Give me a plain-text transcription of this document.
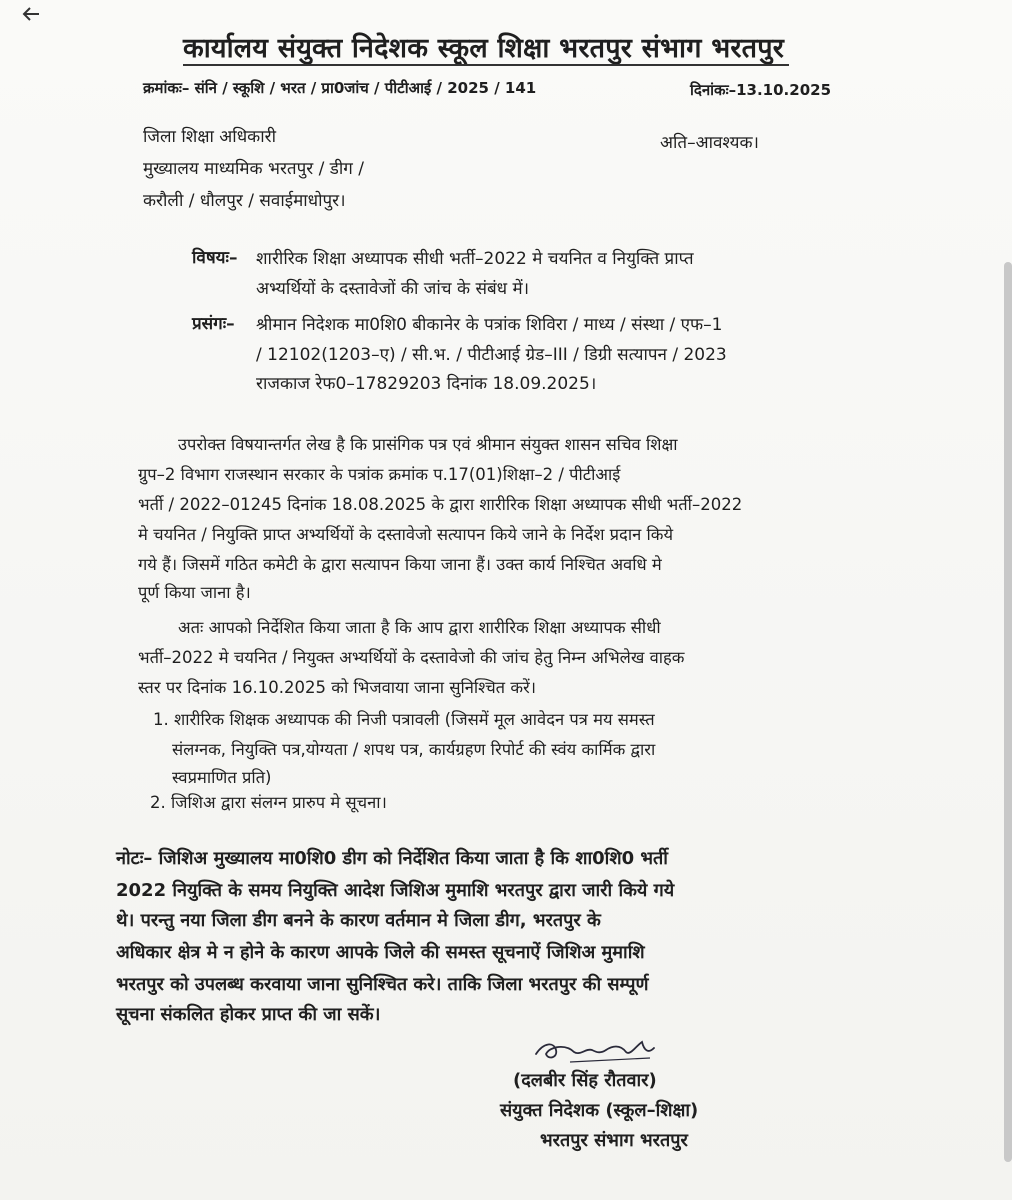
कार्यालय संयुक्त निदेशक स्कूल शिक्षा भरतपुर संभाग भरतपुर
क्रमांकः– संनि / स्कूशि / भरत / प्रा0जांच / पीटीआई / 2025 / 141	दिनांकः–13.10.2025
जिला शिक्षा अधिकारी
मुख्यालय माध्यमिक भरतपुर / डीग /
करौली / धौलपुर / सवाईमाधोपुर।
अति–आवश्यक।
विषयः– शारीरिक शिक्षा अध्यापक सीधी भर्ती–2022 मे चयनित व नियुक्ति प्राप्त
अभ्यर्थियों के दस्तावेजों की जांच के संबंध में।
प्रसंगः– श्रीमान निदेशक मा0शि0 बीकानेर के पत्रांक शिविरा / माध्य / संस्था / एफ–1
/ 12102(1203–ए) / सी.भ. / पीटीआई ग्रेड–III / डिग्री सत्यापन / 2023
राजकाज रेफ0–17829203 दिनांक 18.09.2025।
उपरोक्त विषयान्तर्गत लेख है कि प्रासंगिक पत्र एवं श्रीमान संयुक्त शासन सचिव शिक्षा
ग्रुप–2 विभाग राजस्थान सरकार के पत्रांक क्रमांक प.17(01)शिक्षा–2 / पीटीआई
भर्ती / 2022–01245 दिनांक 18.08.2025 के द्वारा शारीरिक शिक्षा अध्यापक सीधी भर्ती–2022
मे चयनित / नियुक्ति प्राप्त अभ्यर्थियों के दस्तावेजो सत्यापन किये जाने के निर्देश प्रदान किये
गये हैं। जिसमें गठित कमेटी के द्वारा सत्यापन किया जाना हैं। उक्त कार्य निश्चित अवधि मे
पूर्ण किया जाना है।
अतः आपको निर्देशित किया जाता है कि आप द्वारा शारीरिक शिक्षा अध्यापक सीधी
भर्ती–2022 मे चयनित / नियुक्त अभ्यर्थियों के दस्तावेजो की जांच हेतु निम्न अभिलेख वाहक
स्तर पर दिनांक 16.10.2025 को भिजवाया जाना सुनिश्चित करें।
1. शारीरिक शिक्षक अध्यापक की निजी पत्रावली (जिसमें मूल आवेदन पत्र मय समस्त
संलग्नक, नियुक्ति पत्र,योग्यता / शपथ पत्र, कार्यग्रहण रिपोर्ट की स्वंय कार्मिक द्वारा
स्वप्रमाणित प्रति)
2. जिशिअ द्वारा संलग्न प्रारुप मे सूचना।
नोटः– जिशिअ मुख्यालय मा0शि0 डीग को निर्देशित किया जाता है कि शा0शि0 भर्ती
2022 नियुक्ति के समय नियुक्ति आदेश जिशिअ मुमाशि भरतपुर द्वारा जारी किये गये
थे। परन्तु नया जिला डीग बनने के कारण वर्तमान मे जिला डीग, भरतपुर के
अधिकार क्षेत्र मे न होने के कारण आपके जिले की समस्त सूचनाऐं जिशिअ मुमाशि
भरतपुर को उपलब्ध करवाया जाना सुनिश्चित करे। ताकि जिला भरतपुर की सम्पूर्ण
सूचना संकलित होकर प्राप्त की जा सकें।
(दलबीर सिंह रौतवार)
संयुक्त निदेशक (स्कूल–शिक्षा)
भरतपुर संभाग भरतपुर
